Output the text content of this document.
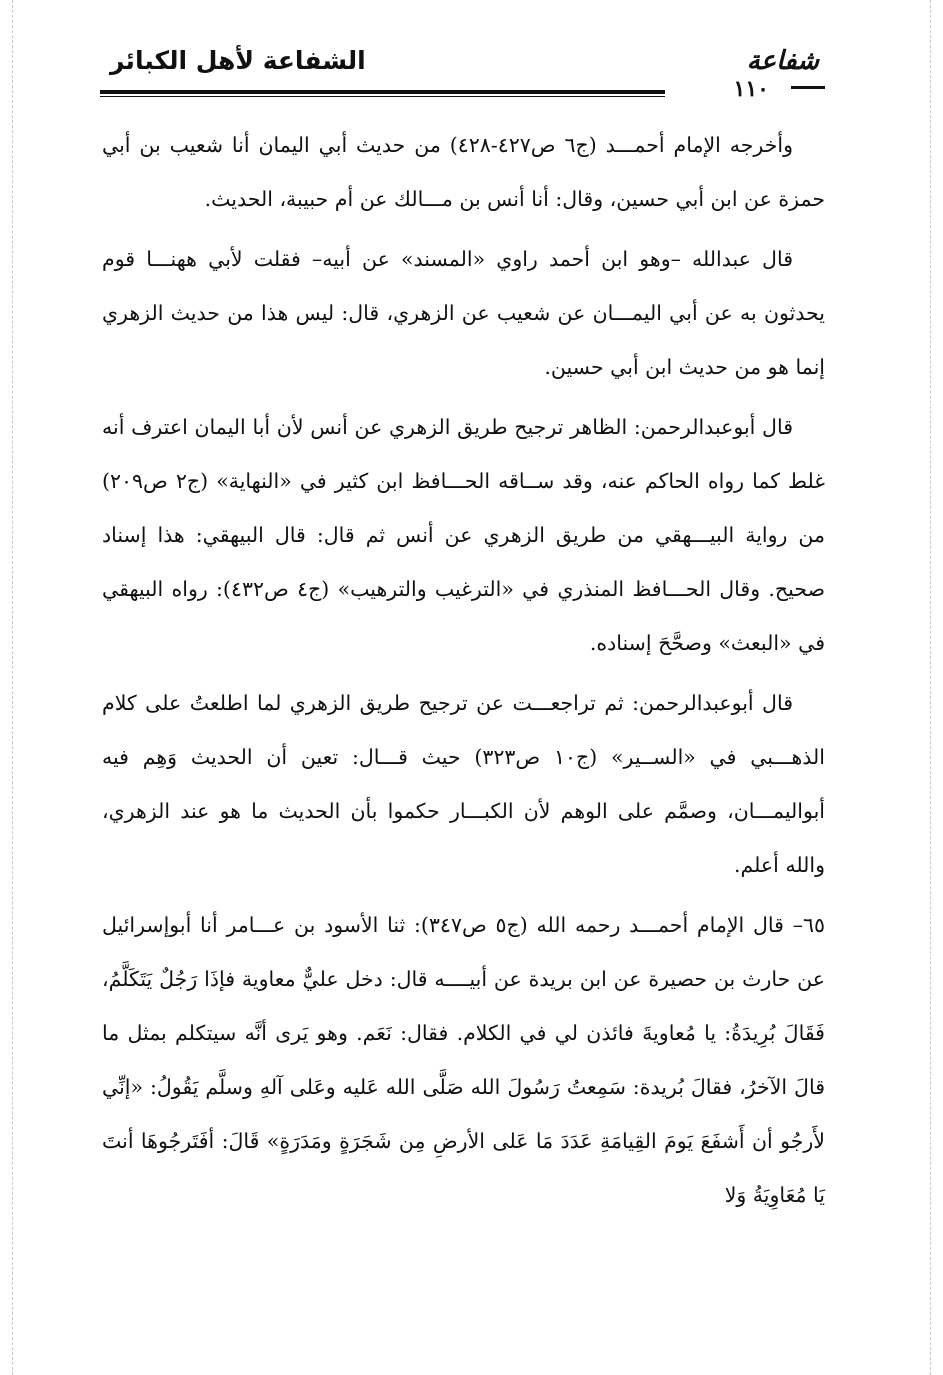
الشفاعة لأهل الكبائر	ﺷﻔﺎﻋﺔ
١١٠

وأخرجه الإمام أحمـــد (ج٦ ص٤٢٧-٤٢٨) من حديث أبي اليمان أنا شعيب بن أبي حمزة عن ابن أبي حسين، وقال: أنا أنس بن مـــالك عن أم حبيبة، الحديث.

قال عبدالله –وهو ابن أحمد راوي «المسند» عن أبيه– فقلت لأبي ههنـــا قوم يحدثون به عن أبي اليمـــان عن شعيب عن الزهري، قال: ليس هذا من حديث الزهري إنما هو من حديث ابن أبي حسين.

قال أبوعبدالرحمن: الظاهر ترجيح طريق الزهري عن أنس لأن أبا اليمان اعترف أنه غلط كما رواه الحاكم عنه، وقد ســاقه الحـــافظ ابن كثير في «النهاية» (ج٢ ص٢٠٩) من رواية البيـــهقي من طريق الزهري عن أنس ثم قال: قال البيهقي: هذا إسناد صحيح. وقال الحـــافظ المنذري في «الترغيب والترهيب» (ج٤ ص٤٣٢): رواه البيهقي في «البعث» وصحَّحَ إسناده.

قال أبوعبدالرحمن: ثم تراجعـــت عن ترجيح طريق الزهري لما اطلعتُ على كلام الذهـــبي في «الســير» (ج١٠ ص٣٢٣) حيث قـــال: تعين أن الحديث وَهِم فيه أبواليمـــان، وصمَّم على الوهم لأن الكبـــار حكموا بأن الحديث ما هو عند الزهري، والله أعلم.

٦٥– قال الإمام أحمـــد رحمه الله (ج٥ ص٣٤٧): ثنا الأسود بن عـــامر أنا أبوإسرائيل عن حارث بن حصيرة عن ابن بريدة عن أبيــــه قال: دخل عليٌّ معاوية فإذَا رَجُلٌ يَتَكَلَّمُ، فَقَالَ بُرِيدَةُ: يا مُعاويةَ فائذن لي في الكلام. فقال: نَعَم. وهو يَرى أنَّه سيتكلم بمثل ما قالَ الآخرُ، فقالَ بُريدة: سَمِعتُ رَسُولَ الله صَلَّى الله عَليه وعَلى آلهِ وسلَّم يَقُولُ: «إنِّي لأَرجُو أن أَشفَعَ يَومَ القِيامَةِ عَدَدَ مَا عَلى الأرضِ مِن شَجَرَةٍ ومَدَرَةٍ» قَالَ: أفَتَرجُوهَا أنتَ يَا مُعَاوِيَةُ وَلا
